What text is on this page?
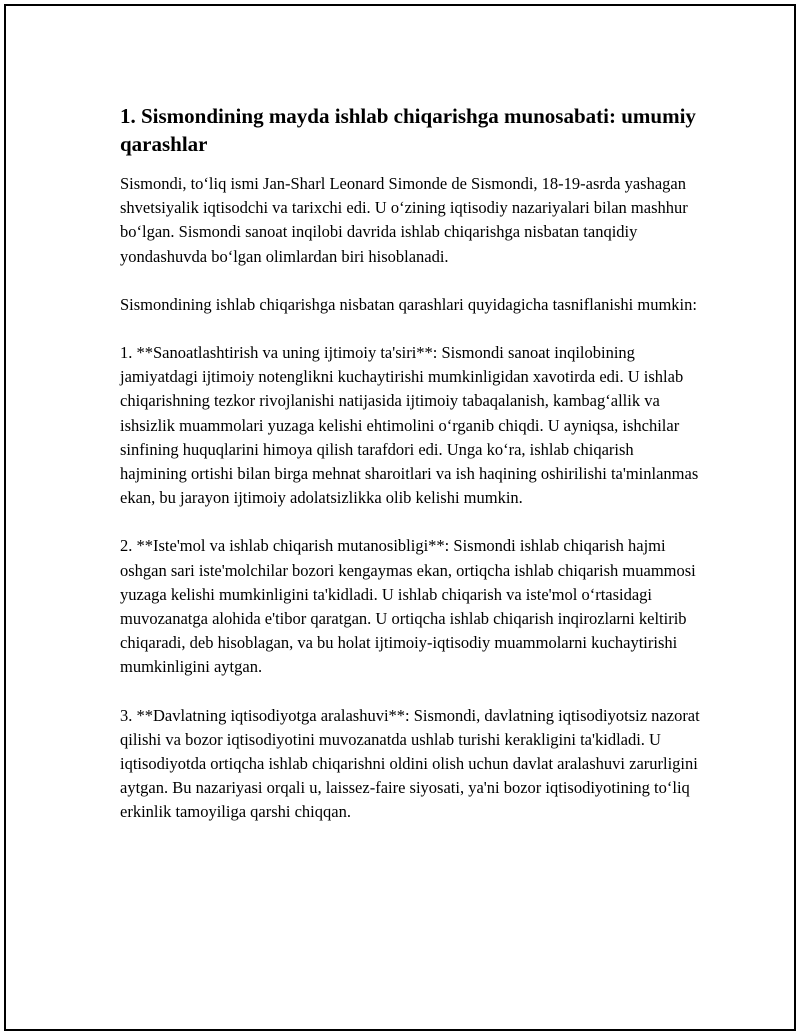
1. Sismondining mayda ishlab chiqarishga munosabati: umumiy qarashlar

Sismondi, to‘liq ismi Jan-Sharl Leonard Simonde de Sismondi, 18-19-asrda yashagan shvetsiyalik iqtisodchi va tarixchi edi. U o‘zining iqtisodiy nazariyalari bilan mashhur bo‘lgan. Sismondi sanoat inqilobi davrida ishlab chiqarishga nisbatan tanqidiy yondashuvda bo‘lgan olimlardan biri hisoblanadi.

Sismondining ishlab chiqarishga nisbatan qarashlari quyidagicha tasniflanishi mumkin:

1. **Sanoatlashtirish va uning ijtimoiy ta'siri**: Sismondi sanoat inqilobining jamiyatdagi ijtimoiy notenglikni kuchaytirishi mumkinligidan xavotirda edi. U ishlab chiqarishning tezkor rivojlanishi natijasida ijtimoiy tabaqalanish, kambag‘allik va ishsizlik muammolari yuzaga kelishi ehtimolini o‘rganib chiqdi. U ayniqsa, ishchilar sinfining huquqlarini himoya qilish tarafdori edi. Unga ko‘ra, ishlab chiqarish hajmining ortishi bilan birga mehnat sharoitlari va ish haqining oshirilishi ta'minlanmas ekan, bu jarayon ijtimoiy adolatsizlikka olib kelishi mumkin.

2. **Iste'mol va ishlab chiqarish mutanosibligi**: Sismondi ishlab chiqarish hajmi oshgan sari iste'molchilar bozori kengaymas ekan, ortiqcha ishlab chiqarish muammosi yuzaga kelishi mumkinligini ta'kidladi. U ishlab chiqarish va iste'mol o‘rtasidagi muvozanatga alohida e'tibor qaratgan. U ortiqcha ishlab chiqarish inqirozlarni keltirib chiqaradi, deb hisoblagan, va bu holat ijtimoiy-iqtisodiy muammolarni kuchaytirishi mumkinligini aytgan.

3. **Davlatning iqtisodiyotga aralashuvi**: Sismondi, davlatning iqtisodiyotsiz nazorat qilishi va bozor iqtisodiyotini muvozanatda ushlab turishi kerakligini ta'kidladi. U iqtisodiyotda ortiqcha ishlab chiqarishni oldini olish uchun davlat aralashuvi zarurligini aytgan. Bu nazariyasi orqali u, laissez-faire siyosati, ya'ni bozor iqtisodiyotining to‘liq erkinlik tamoyiliga qarshi chiqqan.
